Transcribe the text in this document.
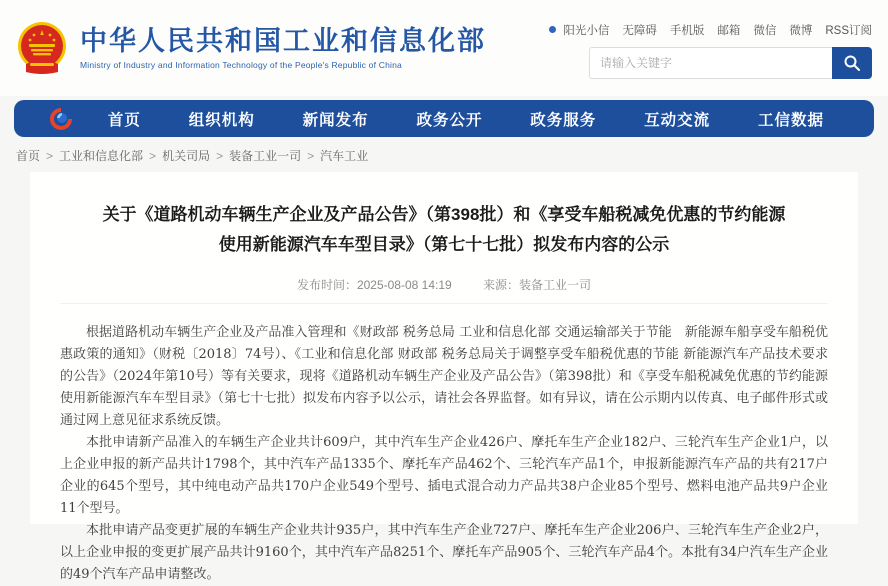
中华人民共和国工业和信息化部
Ministry of Industry and Information Technology of the People's Republic of China
阳光小信 无障碍 手机版 邮箱 微信 微博 RSS订阅
请输入关键字
首页	组织机构	新闻发布	政务公开	政务服务	互动交流	工信数据
首页 > 工业和信息化部 > 机关司局 > 装备工业一司 > 汽车工业
关于《道路机动车辆生产企业及产品公告》（第398批）和《享受车船税减免优惠的节约能源 使用新能源汽车车型目录》（第七十七批）拟发布内容的公示
发布时间：2025-08-08 14:19	来源：装备工业一司

根据道路机动车辆生产企业及产品准入管理和《财政部 税务总局 工业和信息化部 交通运输部关于节能　新能源车船享受车船税优惠政策的通知》（财税〔2018〕74号）、《工业和信息化部 财政部 税务总局关于调整享受车船税优惠的节能 新能源汽车产品技术要求的公告》（2024年第10号）等有关要求，现将《道路机动车辆生产企业及产品公告》（第398批）和《享受车船税减免优惠的节约能源　使用新能源汽车车型目录》（第七十七批）拟发布内容予以公示，请社会各界监督。如有异议，请在公示期内以传真、电子邮件形式或通过网上意见征求系统反馈。

本批申请新产品准入的车辆生产企业共计609户，其中汽车生产企业426户、摩托车生产企业182户、三轮汽车生产企业1户，以上企业申报的新产品共计1798个，其中汽车产品1335个、摩托车产品462个、三轮汽车产品1个，申报新能源汽车产品的共有217户企业的645个型号，其中纯电动产品共170户企业549个型号、插电式混合动力产品共38户企业85个型号、燃料电池产品共9户企业11个型号。

本批申请产品变更扩展的车辆生产企业共计935户，其中汽车生产企业727户、摩托车生产企业206户、三轮汽车生产企业2户，以上企业申报的变更扩展产品共计9160个，其中汽车产品8251个、摩托车产品905个、三轮汽车产品4个。本批有34户汽车生产企业的49个汽车产品申请整改。
